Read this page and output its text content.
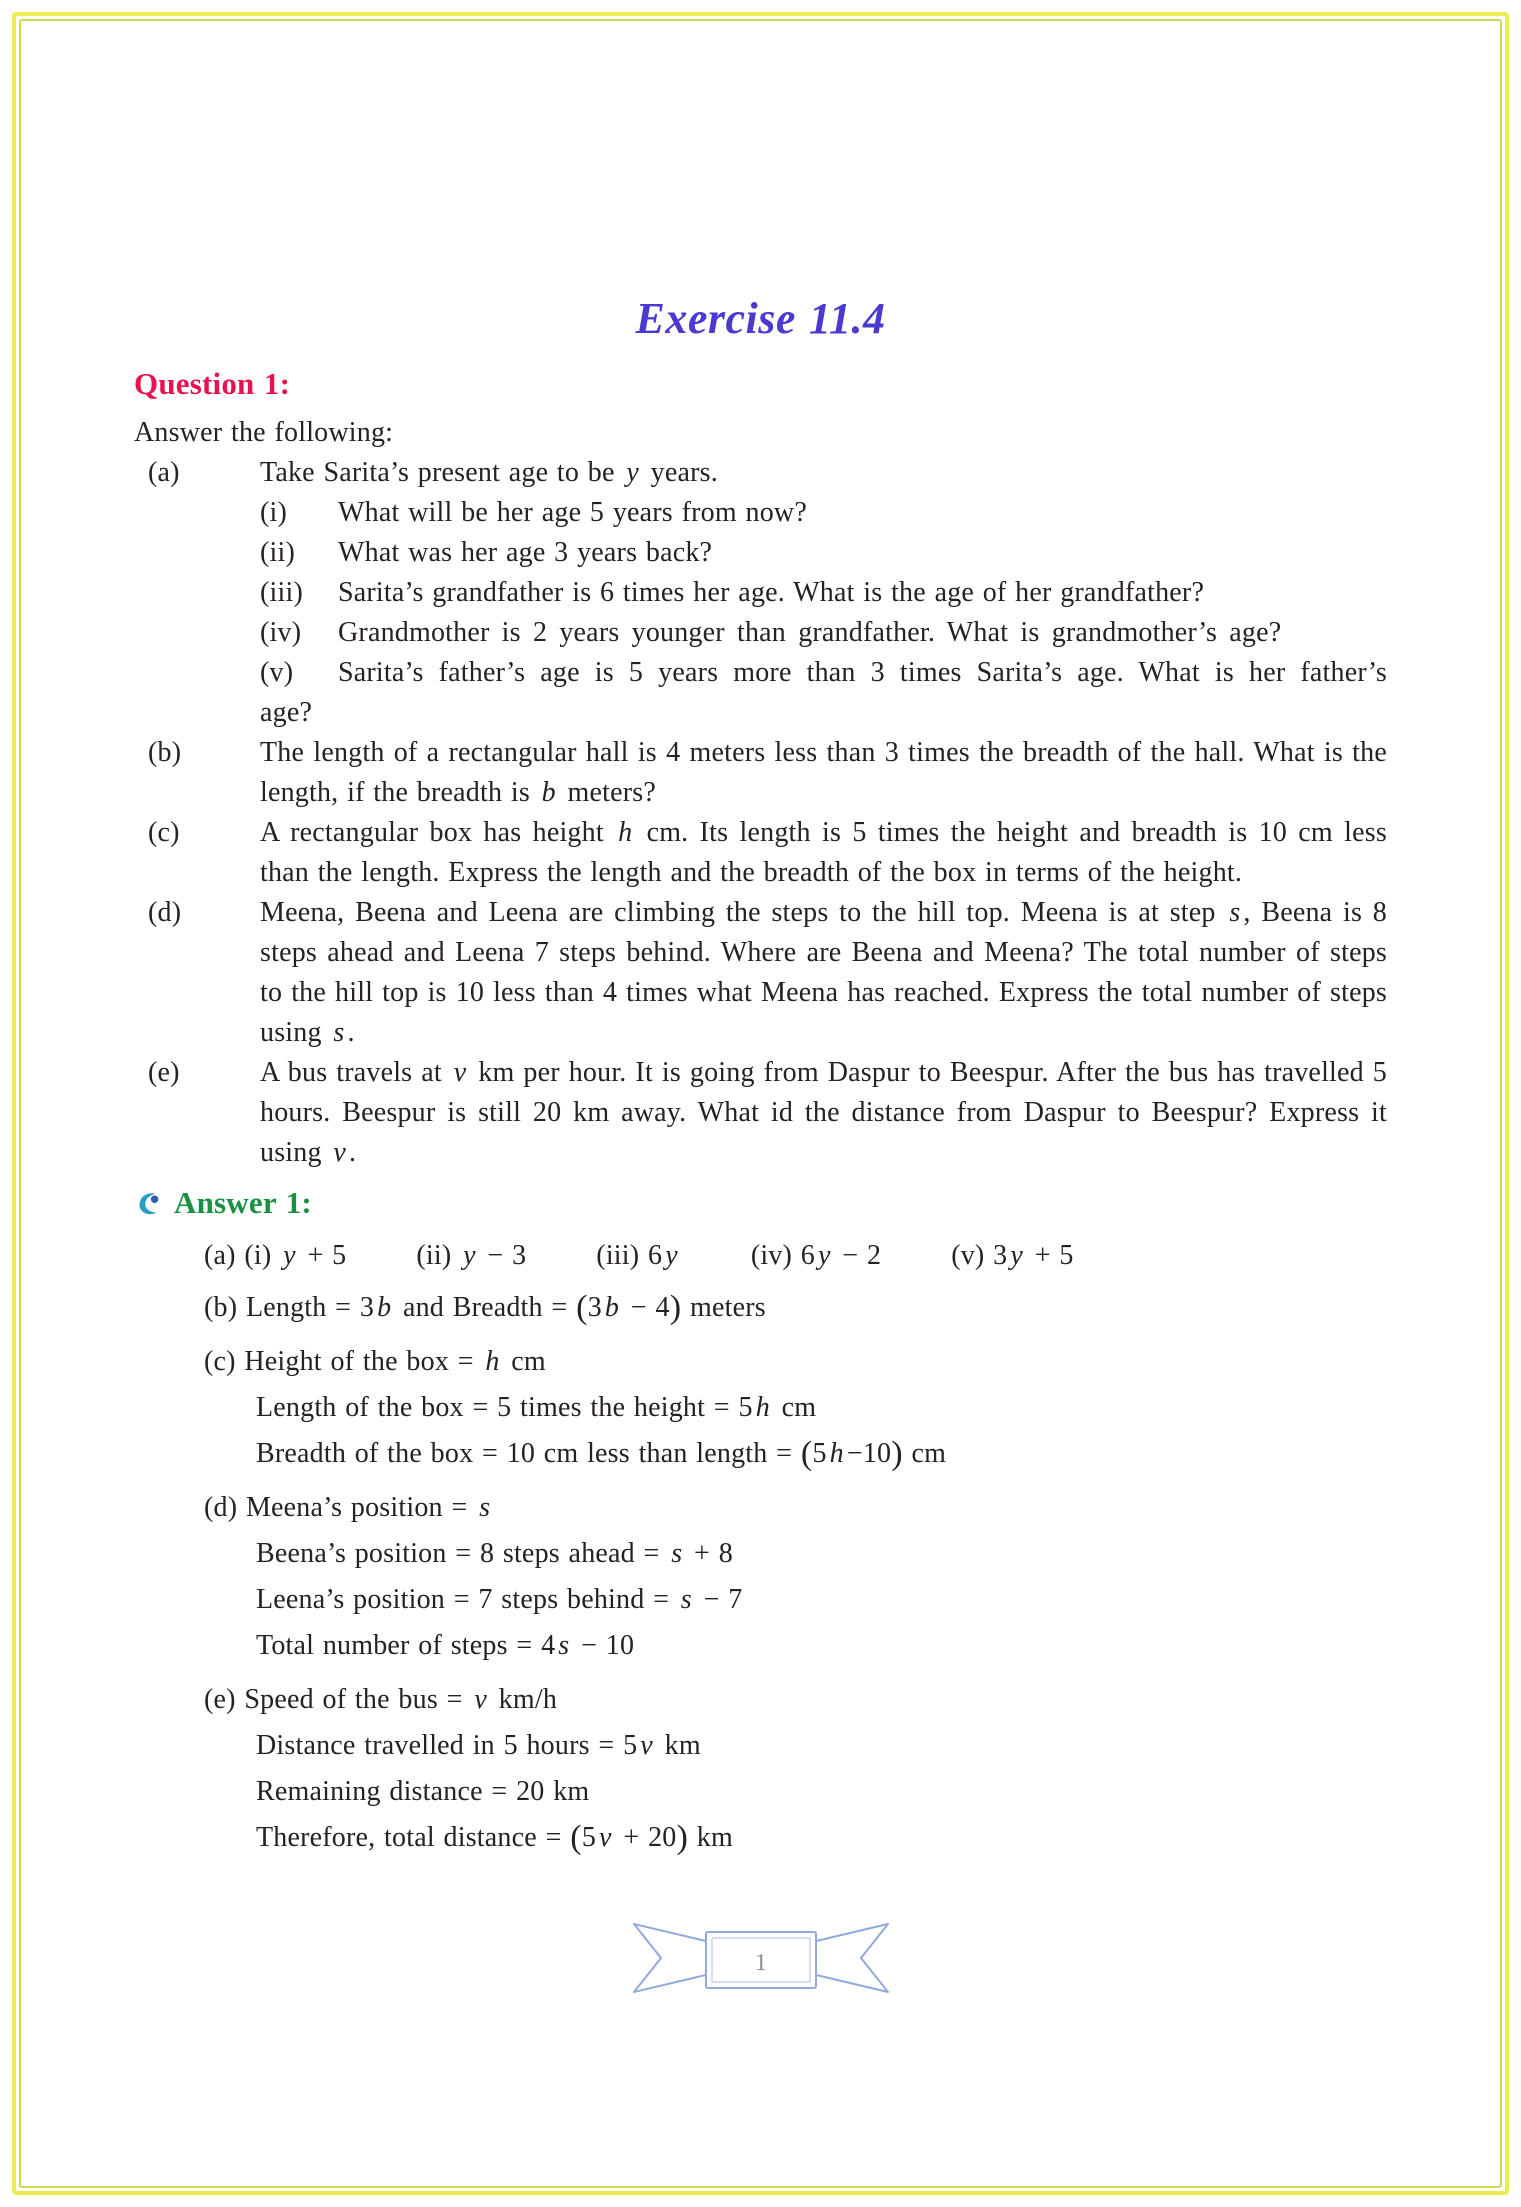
Exercise 11.4
Question 1:

Answer the following:

(a)	Take Sarita’s present age to be y years.
(i) What will be her age 5 years from now?
(ii) What was her age 3 years back?
(iii) Sarita’s grandfather is 6 times her age. What is the age of her grandfather?
(iv) Grandmother is 2 years younger than grandfather. What is grandmother’s age?
(v) Sarita’s father’s age is 5 years more than 3 times Sarita’s age. What is her father’s age?
(b)	The length of a rectangular hall is 4 meters less than 3 times the breadth of the hall. What is the length, if the breadth is b meters?
(c)	A rectangular box has height h cm. Its length is 5 times the height and breadth is 10 cm less than the length. Express the length and the breadth of the box in terms of the height.
(d)	Meena, Beena and Leena are climbing the steps to the hill top. Meena is at step s , Beena is 8 steps ahead and Leena 7 steps behind. Where are Beena and Meena? The total number of steps to the hill top is 10 less than 4 times what Meena has reached. Express the total number of steps using s .
(e)	A bus travels at v km per hour. It is going from Daspur to Beespur. After the bus has travelled 5 hours. Beespur is still 20 km away. What id the distance from Daspur to Beespur? Express it using v .
Answer 1:
(a) (i) y + 5	(ii) y − 3	(iii) 6 y	(iv) 6 y − 2	(v) 3 y + 5
(b) Length = 3 b and Breadth = (3 b − 4) meters
(c) Height of the box = h cm
Length of the box = 5 times the height = 5 h cm
Breadth of the box = 10 cm less than length = (5 h −10) cm
(d) Meena’s position = s
Beena’s position = 8 steps ahead = s + 8
Leena’s position = 7 steps behind = s − 7
Total number of steps = 4 s − 10
(e) Speed of the bus = v km/h
Distance travelled in 5 hours = 5 v km
Remaining distance = 20 km
Therefore, total distance = (5 v + 20) km
1
